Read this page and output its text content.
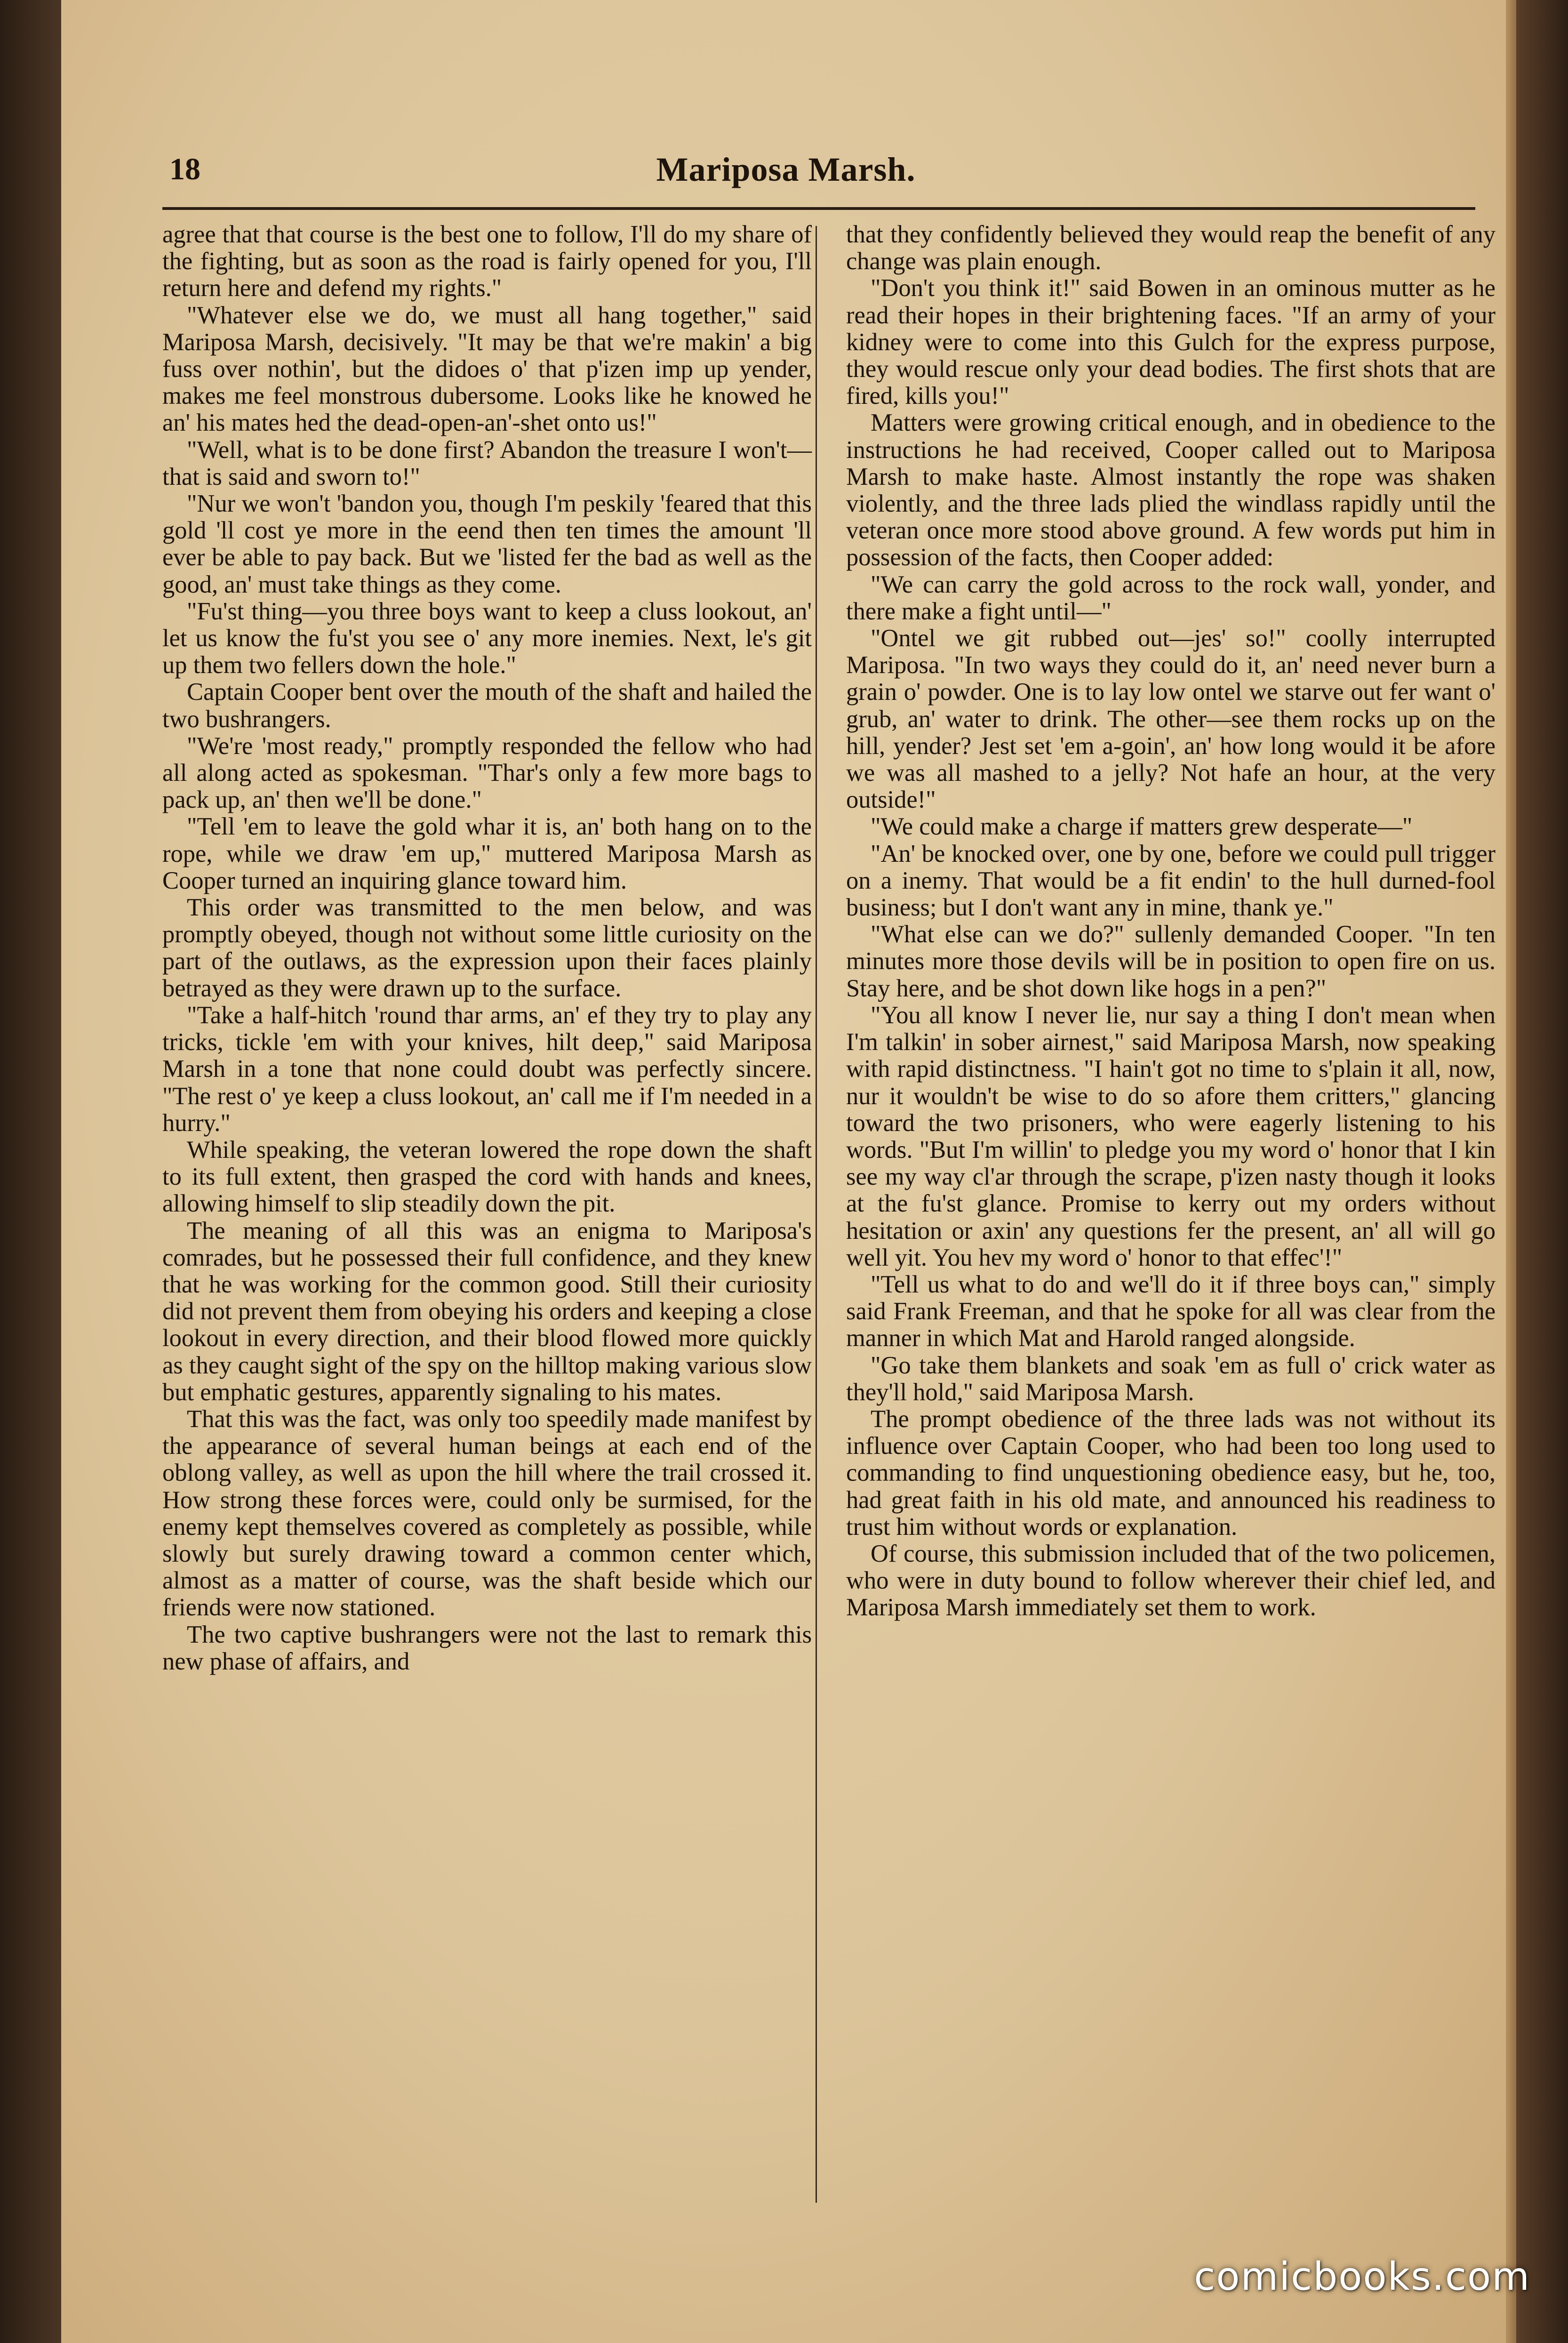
18	Mariposa Marsh.

agree that that course is the best one to follow, I'll do my share of the fighting, but as soon as the road is fairly opened for you, I'll return here and defend my rights."

"Whatever else we do, we must all hang together," said Mariposa Marsh, decisively. "It may be that we're makin' a big fuss over nothin', but the didoes o' that p'izen imp up yender, makes me feel monstrous dubersome. Looks like he knowed he an' his mates hed the dead-open-an'-shet onto us!"

"Well, what is to be done first? Abandon the treasure I won't—that is said and sworn to!"

"Nur we won't 'bandon you, though I'm peskily 'feared that this gold 'll cost ye more in the eend then ten times the amount 'll ever be able to pay back. But we 'listed fer the bad as well as the good, an' must take things as they come.

"Fu'st thing—you three boys want to keep a cluss lookout, an' let us know the fu'st you see o' any more inemies. Next, le's git up them two fellers down the hole."

Captain Cooper bent over the mouth of the shaft and hailed the two bushrangers.

"We're 'most ready," promptly responded the fellow who had all along acted as spokesman. "Thar's only a few more bags to pack up, an' then we'll be done."

"Tell 'em to leave the gold whar it is, an' both hang on to the rope, while we draw 'em up," muttered Mariposa Marsh as Cooper turned an inquiring glance toward him.

This order was transmitted to the men below, and was promptly obeyed, though not without some little curiosity on the part of the outlaws, as the expression upon their faces plainly betrayed as they were drawn up to the surface.

"Take a half-hitch 'round thar arms, an' ef they try to play any tricks, tickle 'em with your knives, hilt deep," said Mariposa Marsh in a tone that none could doubt was perfectly sincere. "The rest o' ye keep a cluss lookout, an' call me if I'm needed in a hurry."

While speaking, the veteran lowered the rope down the shaft to its full extent, then grasped the cord with hands and knees, allowing himself to slip steadily down the pit.

The meaning of all this was an enigma to Mariposa's comrades, but he possessed their full confidence, and they knew that he was working for the common good. Still their curiosity did not prevent them from obeying his orders and keeping a close lookout in every direction, and their blood flowed more quickly as they caught sight of the spy on the hilltop making various slow but emphatic gestures, apparently signaling to his mates.

That this was the fact, was only too speedily made manifest by the appearance of several human beings at each end of the oblong valley, as well as upon the hill where the trail crossed it. How strong these forces were, could only be surmised, for the enemy kept themselves covered as completely as possible, while slowly but surely drawing toward a common center which, almost as a matter of course, was the shaft beside which our friends were now stationed.

The two captive bushrangers were not the last to remark this new phase of affairs, and

that they confidently believed they would reap the benefit of any change was plain enough.

"Don't you think it!" said Bowen in an ominous mutter as he read their hopes in their brightening faces. "If an army of your kidney were to come into this Gulch for the express purpose, they would rescue only your dead bodies. The first shots that are fired, kills you!"

Matters were growing critical enough, and in obedience to the instructions he had received, Cooper called out to Mariposa Marsh to make haste. Almost instantly the rope was shaken violently, and the three lads plied the windlass rapidly until the veteran once more stood above ground. A few words put him in possession of the facts, then Cooper added:

"We can carry the gold across to the rock wall, yonder, and there make a fight until—"

"Ontel we git rubbed out—jes' so!" coolly interrupted Mariposa. "In two ways they could do it, an' need never burn a grain o' powder. One is to lay low ontel we starve out fer want o' grub, an' water to drink. The other—see them rocks up on the hill, yender? Jest set 'em a-goin', an' how long would it be afore we was all mashed to a jelly? Not hafe an hour, at the very outside!"

"We could make a charge if matters grew desperate—"

"An' be knocked over, one by one, before we could pull trigger on a inemy. That would be a fit endin' to the hull durned-fool business; but I don't want any in mine, thank ye."

"What else can we do?" sullenly demanded Cooper. "In ten minutes more those devils will be in position to open fire on us. Stay here, and be shot down like hogs in a pen?"

"You all know I never lie, nur say a thing I don't mean when I'm talkin' in sober airnest," said Mariposa Marsh, now speaking with rapid distinctness. "I hain't got no time to s'plain it all, now, nur it wouldn't be wise to do so afore them critters," glancing toward the two prisoners, who were eagerly listening to his words. "But I'm willin' to pledge you my word o' honor that I kin see my way cl'ar through the scrape, p'izen nasty though it looks at the fu'st glance. Promise to kerry out my orders without hesitation or axin' any questions fer the present, an' all will go well yit. You hev my word o' honor to that effec'!"

"Tell us what to do and we'll do it if three boys can," simply said Frank Freeman, and that he spoke for all was clear from the manner in which Mat and Harold ranged alongside.

"Go take them blankets and soak 'em as full o' crick water as they'll hold," said Mariposa Marsh.

The prompt obedience of the three lads was not without its influence over Captain Cooper, who had been too long used to commanding to find unquestioning obedience easy, but he, too, had great faith in his old mate, and announced his readiness to trust him without words or explanation.

Of course, this submission included that of the two policemen, who were in duty bound to follow wherever their chief led, and Mariposa Marsh immediately set them to work.

comicbooks.com
